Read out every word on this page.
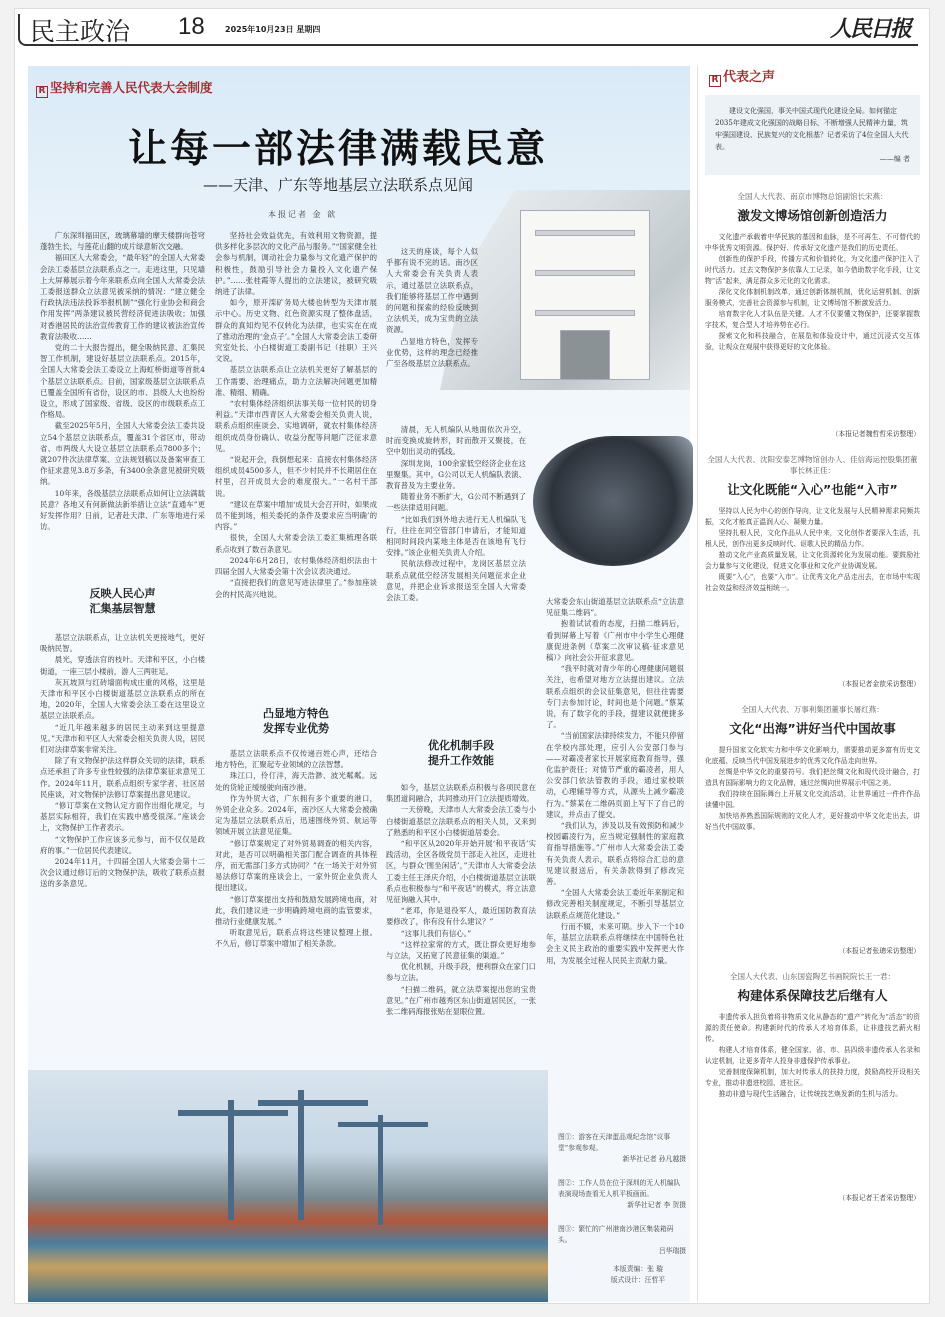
民主政治 18	2025年10月23日 星期四	人民日报
R 坚持和完善人民代表大会制度
让每一部法律满载民意
——天津、广东等地基层立法联系点见闻
本报记者 金 歆

广东深圳福田区，玻璃幕墙的摩天楼群向苍穹蓬勃生长，与莲花山翻的成片绿意斩次交融。

福田区人大常委会，“最年轻”的全国人大常委会法工委基层立法联系点之一。走进这里，只见墙上大屏幕展示着今年来联系点向全国人大常委会法工委报送群众立法意见被采纳的情况：“建立健全行政执法违法投诉举报机制”“强化行业协会和商会作用发挥”两条建议被民营经济促进法吸收；加强对香港居民的法治宣传教育工作的建议被法治宣传教育法吸收……

党的二十大报告提出，健全吸纳民意、汇集民智工作机制，建设好基层立法联系点。2015年，全国人大常委会法工委设立上海虹桥街道等首批4个基层立法联系点。目前，国家级基层立法联系点已覆盖全国所有省份，设区的市、县级人大也纷纷设立，形成了国家级、省级、设区的市级联系点工作格局。

截至2025年5月，全国人大常委会法工委共设立54个基层立法联系点，覆盖31个省区市，带动省、市两级人大设立基层立法联系点7800多个；就207件次法律草案、立法规划稿以及备案审查工作征求意见3.8万多条，有3400余条意见被研究吸纳。

10年来，各级基层立法联系点如何让立法满载民意？各地又有何新做法新举措让立法“直通车”更好发挥作用？日前，记者赴天津、广东等地进行采访。

反映人民心声
汇集基层智慧

基层立法联系点，让立法机关更接地气，更好吸纳民智。

晨光，穿透法官的枝叶。天津和平区，小白楼街道，一座三层小楼前，游人三两驻足。

灰瓦坡顶与红砖墙面构成庄重的风格，这里是天津市和平区小白楼街道基层立法联系点的所在地，2020年，全国人大常委会法工委在这里设立基层立法联系点。

“近几年越来越多的居民主动来到这里提意见。”天津市和平区人大常委会相关负责人说，居民们对法律草案非常关注。

除了有文物保护法这样群众关切的法律，联系点还承担了许多专业性较强的法律草案征求意见工作。2024年11月，联系点组织专家学者、社区居民座谈，对文物保护法修订草案提出意见建议。

“修订草案在文物认定方面作出细化规定，与基层实际相符，我们在实践中感受很深。”座谈会上，文物保护工作者表示。

“文物保护工作应该多元参与，而不仅仅是政府的事。”一位居民代表建议。

2024年11月，十四届全国人大常委会第十二次会议通过修订后的文物保护法，吸收了联系点报送的多条意见。

坚持社会效益优先，有效利用文物资源，提供多样化多层次的文化产品与服务。”“国家健全社会参与机制，调动社会力量参与文化遗产保护的积极性，鼓励引导社会力量投入文化遗产保护。”……张桂霞等人提出的立法建议，被研究吸纳进了法律。

如今，原开滦矿务局大楼也转型为天津市展示中心。历史文物、红色资源实现了整体盘活，群众的真知灼见不仅转化为法律，也实实在在成了推动治理的‘金点子’。”全国人大常委会法工委研究室处长、小白楼街道工委副书记（挂职）王兴文说。

基层立法联系点让立法机关更好了解基层的工作需要、治理痛点，助力立法解决问题更加精准、精细、精确。

“农村集体经济组织法事关每一位村民的切身利益。”天津市西青区人大常委会相关负责人说，联系点组织座谈会、实地调研，就农村集体经济组织成员身份确认、收益分配等问题广泛征求意见。

“说起开会，我倒想起来：直接农村集体经济组织成员4500多人，但不少村民并不长期居住在村里，召开成员大会的难度很大。”一名村干部说。

“建议在草案中增加‘成员大会召开时，如果成员不能到场，相关委托的条件及要求应当明确’的内容。”

很快，全国人大常委会法工委汇集梳理各联系点收到了数百条意见。

2024年6月28日，农村集体经济组织法由十四届全国人大常委会第十次会议表决通过。

“直接把我们的意见写进法律里了。”参加座谈会的村民高兴地说。

凸显地方特色
发挥专业优势

基层立法联系点不仅传递百姓心声，还结合地方特色，汇聚起专业领域的立法智慧。

珠江口，伶仃洋，海天浩渺、波光粼粼。远处的货轮正缓缓驶向南沙港。

作为外贸大省，广东拥有多个重要的港口，外贸企业众多。2024年，南沙区人大常委会被确定为基层立法联系点后，迅速围绕外贸、航运等领域开展立法意见征集。

“修订草案规定了对外贸易调查的相关内容，对此，是否可以明确相关部门配合调查的具体程序，而无需部门多方式协同？”在一场关于对外贸易法修订草案的座谈会上，一家外贸企业负责人提出建议。

“修订草案提出支持和鼓励发展跨境电商，对此，我们建议进一步明确跨境电商的监管要求，推动行业健康发展。”

听取意见后，联系点将这些建议整理上报。不久后，修订草案中增加了相关条款。

这天的座谈，每个人似乎都有说不完的话。南沙区人大常委会有关负责人表示，通过基层立法联系点，我们能够将基层工作中遇到的问题和探索的经验反映到立法机关，成为宝贵的立法资源。

凸显地方特色，发挥专业优势，这样的理念已经推广至各级基层立法联系点。

清晨，无人机编队从地面依次升空，时而变换成旋转形，时而散开又聚拢，在空中划出灵动的弧线。

深圳龙岗，100余家低空经济企业在这里聚集。其中，G公司以无人机编队表演、教育普及为主要业务。

随着业务不断扩大，G公司不断遇到了一些法律适用问题。

“比如我们到外地去进行无人机编队飞行，往往在同空管部门申请后，才能知道相同时间段内某地主体是否在该地有飞行安排。”该企业相关负责人介绍。

民航法修改过程中，龙岗区基层立法联系点就低空经济发展相关问题征求企业意见，并把企业诉求报送至全国人大常委会法工委。

优化机制手段
提升工作效能

如今，基层立法联系点积极与各项民意在集团道间融合，共同推动开门立法提质增效。

一天傍晚，天津市人大常委会法工委与小白楼街道基层立法联系点的相关人员，又来到了熟悉的和平区小白楼街道居委会。

“和平区从2020年开始开展‘和平夜话’实践活动，全区各级党员干部走入社区，走进社区，与群众‘围坐闲话’，”天津市人大常委会法工委主任王泽庆介绍，小白楼街道基层立法联系点也积极参与“和平夜话”的模式，将立法意见征询融入其中。

“老邓，你是退役军人，最近国防教育法要修改了，你有没有什么建议？”

“这事儿我们有信心。”

“这样拉家常的方式，既让群众更好地参与立法，又拓宽了民意征集的渠道。”

优化机制，升级手段，便利群众在家门口参与立法。

“扫描二维码，就立法草案提出您的宝贵意见。”在广州市越秀区东山街道居民区，一张张二维码海报张贴在显眼位置。

大常委会东山街道基层立法联系点“立法意见征集二维码”。

抱着试试看的态度，扫描二维码后，看到屏幕上写着《广州市中小学生心理健康促进条例（草案二次审议稿·征求意见稿）》向社会公开征求意见。

“我平时就对青少年的心理健康问题很关注，也希望对地方立法提出建议。立法联系点组织的会议征集意见，但往往需要专门去参加讨论，时间也是个问题。”蔡某说，有了数字化的手段，提建议就便捷多了。

“当前国家法律持续发力，不能只停留在学校内部处理，应引入公安部门参与——对霸凌者家长开展家庭教育指导，强化监护责任；对情节严重的霸凌者，用人公安部门依法管教的手段，通过家校联动，心理辅导等方式，从源头上减少霸凌行为。”蔡某在二维码页面上写下了自己的建议，并点击了提交。

“我们认为，涉及以及有效预防和减少校园霸凌行为，应当规定强制性的家庭教育指导措施等。”广州市人大常委会法工委有关负责人表示，联系点将综合汇总的意见建议报送后，有关条款得到了修改完善。

“全国人大常委会法工委近年来制定和修改完善相关制度规定，不断引导基层立法联系点规范化建设。”

行而不辍，未来可期。步入下一个10年，基层立法联系点将继续在中国特色社会主义民主政治的重要实践中发挥更大作用，为发展全过程人民民主贡献力量。

图①：游客在天津蛋品观纪念馆“议事堂”参观参观。
新华社记者 孙凡越摄
图②：工作人员在位于深圳的无人机编队表演现场查看无人机平板画面。
新华社记者 李 贺摄
图③：繁忙的广州港南沙港区集装箱码头。
吕华瑞摄
本版责编：张 璇
版式设计：汪哲平
R 代表之声

建设文化强国，事关中国式现代化建设全局。如何锚定2035年建成文化强国的战略目标，不断增强人民精神力量，筑牢强国建设、民族复兴的文化根基？记者采访了4位全国人大代表。

——编 者
全国人大代表、南京市博物总馆副馆长宋燕：
激发文博场馆创新创造活力

文化遗产承载着中华民族的基因和血脉，是不可再生、不可替代的中华优秀文明资源。保护好、传承好文化遗产是我们的历史责任。

创新性的保护手段，传播方式和价值转化，为文化遗产保护注入了时代活力。过去文物保护多依靠人工记录，如今借助数字化手段，让文物“活”起来，满足群众多元化的文化需求。

深化文化体制机制改革，通过创新体制机制，优化运营机制、创新服务模式，完善社会资源参与机制，让文博场馆不断激发活力。

培育数字化人才队伍是关键。人才不仅要懂文物保护，还要掌握数字技术，复合型人才培养势在必行。

探索文化和科技融合，在展览和体验设计中，通过沉浸式交互体验，让观众在观展中获得更好的文化体验。

（本报记者魏哲哲采访整理）
全国人大代表、沈阳安泰艺博物馆创办人、佳信海运控股集团董事长林正佳：
让文化既能“入心”也能“入市”

坚持以人民为中心的创作导向，让文化发展与人民精神需求同频共振，文化才能真正温润人心、凝聚力量。

坚持扎根人民，文化作品从人民中来，文化创作者要深入生活，扎根人民，创作出更多反映时代、讴歌人民的精品力作。

推动文化产业高质量发展，让文化资源转化为发展动能。要鼓励社会力量参与文化建设，促进文化事业和文化产业协调发展。

既要“入心”，也要“入市”。让优秀文化产品走出去，在市场中实现社会效益和经济效益相统一。

（本报记者金歆采访整理）
全国人大代表、万事利集团董事长屠红燕：
文化“出海”讲好当代中国故事

提升国家文化软实力和中华文化影响力，需要推动更多富有历史文化底蕴、反映当代中国发展进步的优秀文化作品走向世界。

丝绸是中华文化的重要符号。我们把丝绸文化和现代设计融合，打造具有国际影响力的文化品牌，通过丝绸向世界展示中国之美。

我们持续在国际舞台上开展文化交流活动，让世界通过一件件作品读懂中国。

加快培养熟悉国际规则的文化人才，更好推动中华文化走出去，讲好当代中国故事。

（本报记者张璁采访整理）
全国人大代表、山东国瓷陶艺书画院院长王一君：
构建体系保障技艺后继有人

非遗传承人担负着将非物质文化从静态的“遗产”转化为“活态”的资源的责任使命。构建新时代的传承人才培育体系，让非遗技艺薪火相传。

构建人才培育体系，健全国家、省、市、县四级非遗传承人名录和认定机制，让更多青年人投身非遗保护传承事业。

完善制度保障机制，加大对传承人的扶持力度，鼓励高校开设相关专业，推动非遗进校园、进社区。

推动非遗与现代生活融合，让传统技艺焕发新的生机与活力。

（本报记者王者采访整理）
